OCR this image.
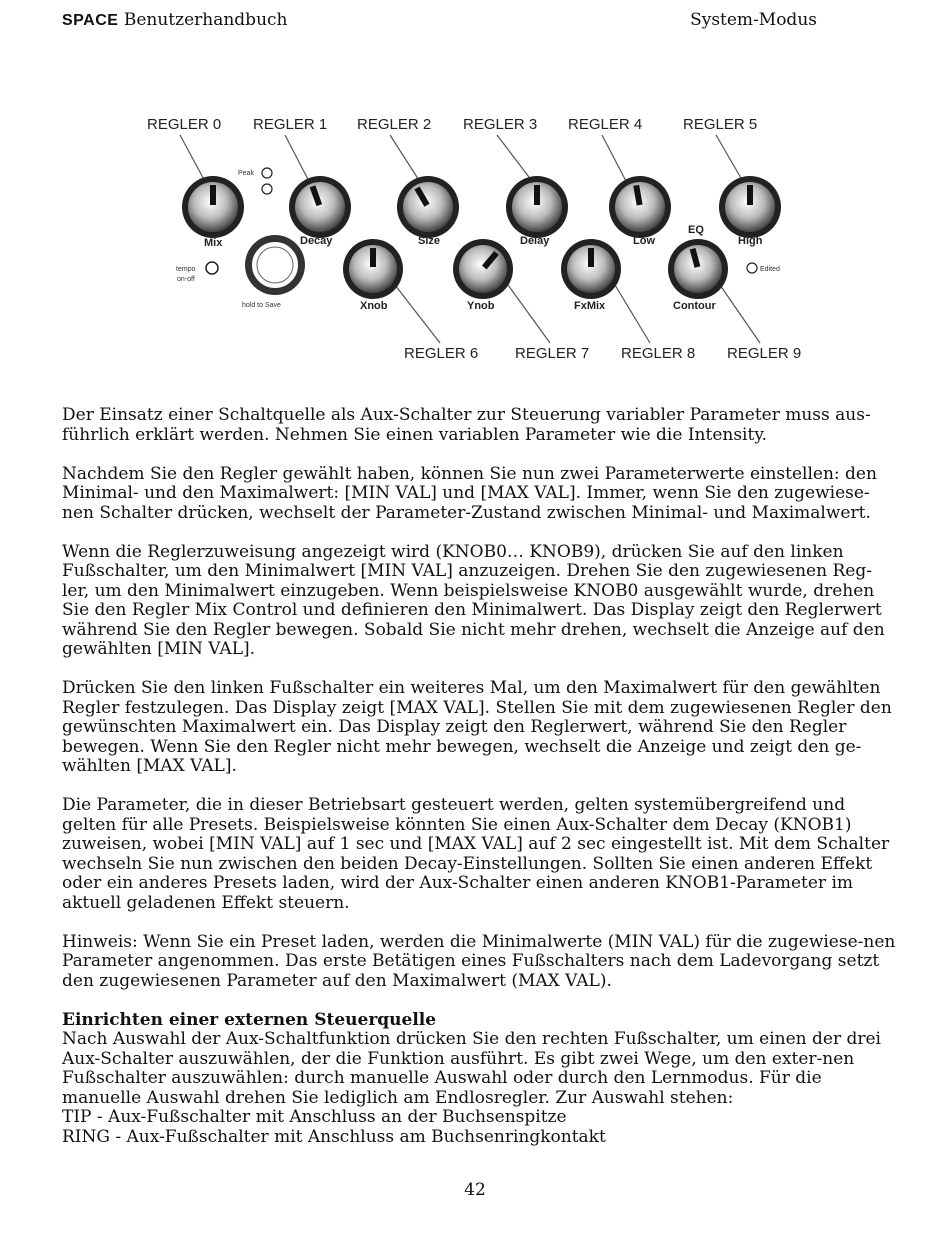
SPACE Benutzerhandbuch	System-Modus
REGLER 0 REGLER 1 REGLER 2 REGLER 3 REGLER 4	REGLER 5
Mix	Decay	Size	Delay	Low	High
Peak
EQ
hold to Save
tempo
on-off
Edited
Xnob	Ynob	FxMix	Contour
REGLER 6 REGLER 7 REGLER 8 REGLER 9

Der Einsatz einer Schaltquelle als Aux-Schalter zur Steuerung variabler Parameter muss aus-führlich erklärt werden. Nehmen Sie einen variablen Parameter wie die Intensity.

Nachdem Sie den Regler gewählt haben, können Sie nun zwei Parameterwerte einstellen: den Minimal- und den Maximalwert: [MIN VAL] und [MAX VAL]. Immer, wenn Sie den zugewiese-nen Schalter drücken, wechselt der Parameter-Zustand zwischen Minimal- und Maximalwert.

Wenn die Reglerzuweisung angezeigt wird (KNOB0… KNOB9), drücken Sie auf den linken Fußschalter, um den Minimalwert [MIN VAL] anzuzeigen. Drehen Sie den zugewiesenen Reg-ler, um den Minimalwert einzugeben. Wenn beispielsweise KNOB0 ausgewählt wurde, drehen Sie den Regler Mix Control und definieren den Minimalwert. Das Display zeigt den Reglerwert während Sie den Regler bewegen. Sobald Sie nicht mehr drehen, wechselt die Anzeige auf den gewählten [MIN VAL].

Drücken Sie den linken Fußschalter ein weiteres Mal, um den Maximalwert für den gewählten Regler festzulegen. Das Display zeigt [MAX VAL]. Stellen Sie mit dem zugewiesenen Regler den gewünschten Maximalwert ein. Das Display zeigt den Reglerwert, während Sie den Regler bewegen. Wenn Sie den Regler nicht mehr bewegen, wechselt die Anzeige und zeigt den ge-wählten [MAX VAL].

Die Parameter, die in dieser Betriebsart gesteuert werden, gelten systemübergreifend und gelten für alle Presets. Beispielsweise könnten Sie einen Aux-Schalter dem Decay (KNOB1) zuweisen, wobei [MIN VAL] auf 1 sec und [MAX VAL] auf 2 sec eingestellt ist. Mit dem Schalter wechseln Sie nun zwischen den beiden Decay-Einstellungen. Sollten Sie einen anderen Effekt oder ein anderes Presets laden, wird der Aux-Schalter einen anderen KNOB1-Parameter im aktuell geladenen Effekt steuern.

Hinweis: Wenn Sie ein Preset laden, werden die Minimalwerte (MIN VAL) für die zugewiese-nen Parameter angenommen. Das erste Betätigen eines Fußschalters nach dem Ladevorgang setzt den zugewiesenen Parameter auf den Maximalwert (MAX VAL).

Einrichten einer externen Steuerquelle

Nach Auswahl der Aux-Schaltfunktion drücken Sie den rechten Fußschalter, um einen der drei Aux-Schalter auszuwählen, der die Funktion ausführt. Es gibt zwei Wege, um den exter-nen Fußschalter auszuwählen: durch manuelle Auswahl oder durch den Lernmodus. Für die manuelle Auswahl drehen Sie lediglich am Endlosregler. Zur Auswahl stehen:

TIP - Aux-Fußschalter mit Anschluss an der Buchsenspitze

RING - Aux-Fußschalter mit Anschluss am Buchsenringkontakt

42
